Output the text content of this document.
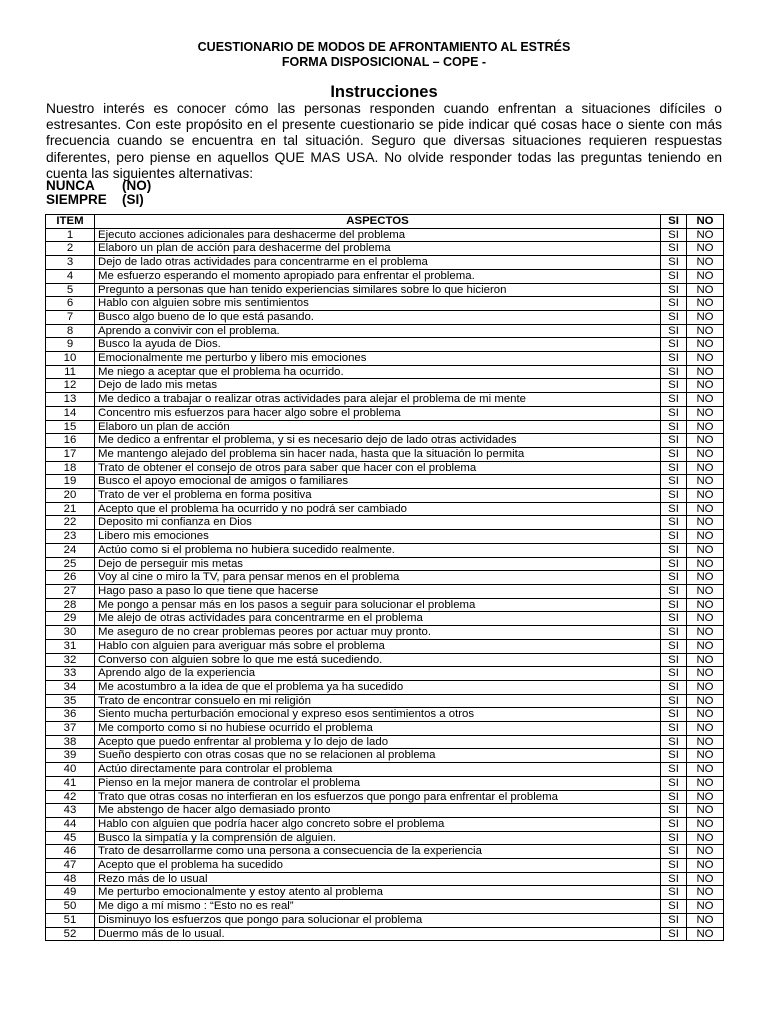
CUESTIONARIO DE MODOS DE AFRONTAMIENTO AL ESTRÉS
FORMA DISPOSICIONAL – COPE -
Instrucciones

Nuestro interés es conocer cómo las personas responden cuando enfrentan a situaciones difíciles o estresantes. Con este propósito en el presente cuestionario se pide indicar qué cosas hace o siente con más frecuencia cuando se encuentra en tal situación. Seguro que diversas situaciones requieren respuestas diferentes, pero piense en aquellos QUE MAS USA. No olvide responder todas las preguntas teniendo en cuenta las siguientes alternativas:

NUNCA (NO)
SIEMPRE (SI)
ITEM	ASPECTOS	SI	NO
1	Ejecuto acciones adicionales para deshacerme del problema	SI	NO
2	Elaboro un plan de acción para deshacerme del problema	SI	NO
3	Dejo de lado otras actividades para concentrarme en el problema	SI	NO
4	Me esfuerzo esperando el momento apropiado para enfrentar el problema.	SI	NO
5	Pregunto a personas que han tenido experiencias similares sobre lo que hicieron	SI	NO
6	Hablo con alguien sobre mis sentimientos	SI	NO
7	Busco algo bueno de lo que está pasando.	SI	NO
8	Aprendo a convivir con el problema.	SI	NO
9	Busco la ayuda de Dios.	SI	NO
10	Emocionalmente me perturbo y libero mis emociones	SI	NO
11	Me niego a aceptar que el problema ha ocurrido.	SI	NO
12	Dejo de lado mis metas	SI	NO
13	Me dedico a trabajar o realizar otras actividades para alejar el problema de mi mente	SI	NO
14	Concentro mis esfuerzos para hacer algo sobre el problema	SI	NO
15	Elaboro un plan de acción	SI	NO
16	Me dedico a enfrentar el problema, y si es necesario dejo de lado otras actividades	SI	NO
17	Me mantengo alejado del problema sin hacer nada, hasta que la situación lo permita	SI	NO
18	Trato de obtener el consejo de otros para saber que hacer con el problema	SI	NO
19	Busco el apoyo emocional de amigos o familiares	SI	NO
20	Trato de ver el problema en forma positiva	SI	NO
21	Acepto que el problema ha ocurrido y no podrá ser cambiado	SI	NO
22	Deposito mi confianza en Dios	SI	NO
23	Libero mis emociones	SI	NO
24	Actúo como si el problema no hubiera sucedido realmente.	SI	NO
25	Dejo de perseguir mis metas	SI	NO
26	Voy al cine o miro la TV, para pensar menos en el problema	SI	NO
27	Hago paso a paso lo que tiene que hacerse	SI	NO
28	Me pongo a pensar más en los pasos a seguir para solucionar el problema	SI	NO
29	Me alejo de otras actividades para concentrarme en el problema	SI	NO
30	Me aseguro de no crear problemas peores por actuar muy pronto.	SI	NO
31	Hablo con alguien para averiguar más sobre el problema	SI	NO
32	Converso con alguien sobre lo que me está sucediendo.	SI	NO
33	Aprendo algo de la experiencia	SI	NO
34	Me acostumbro a la idea de que el problema ya ha sucedido	SI	NO
35	Trato de encontrar consuelo en mi religión	SI	NO
36	Siento mucha perturbación emocional y expreso esos sentimientos a otros	SI	NO
37	Me comporto como si no hubiese ocurrido el problema	SI	NO
38	Acepto que puedo enfrentar al problema y lo dejo de lado	SI	NO
39	Sueño despierto con otras cosas que no se relacionen al problema	SI	NO
40	Actúo directamente para controlar el problema	SI	NO
41	Pienso en la mejor manera de controlar el problema	SI	NO
42	Trato que otras cosas no interfieran en los esfuerzos que pongo para enfrentar el problema	SI	NO
43	Me abstengo de hacer algo demasiado pronto	SI	NO
44	Hablo con alguien que podría hacer algo concreto sobre el problema	SI	NO
45	Busco la simpatía y la comprensión de alguien.	SI	NO
46	Trato de desarrollarme como una persona a consecuencia de la experiencia	SI	NO
47	Acepto que el problema ha sucedido	SI	NO
48	Rezo más de lo usual	SI	NO
49	Me perturbo emocionalmente y estoy atento al problema	SI	NO
50	Me digo a mí mismo : “Esto no es real”	SI	NO
51	Disminuyo los esfuerzos que pongo para solucionar el problema	SI	NO
52	Duermo más de lo usual.	SI	NO
